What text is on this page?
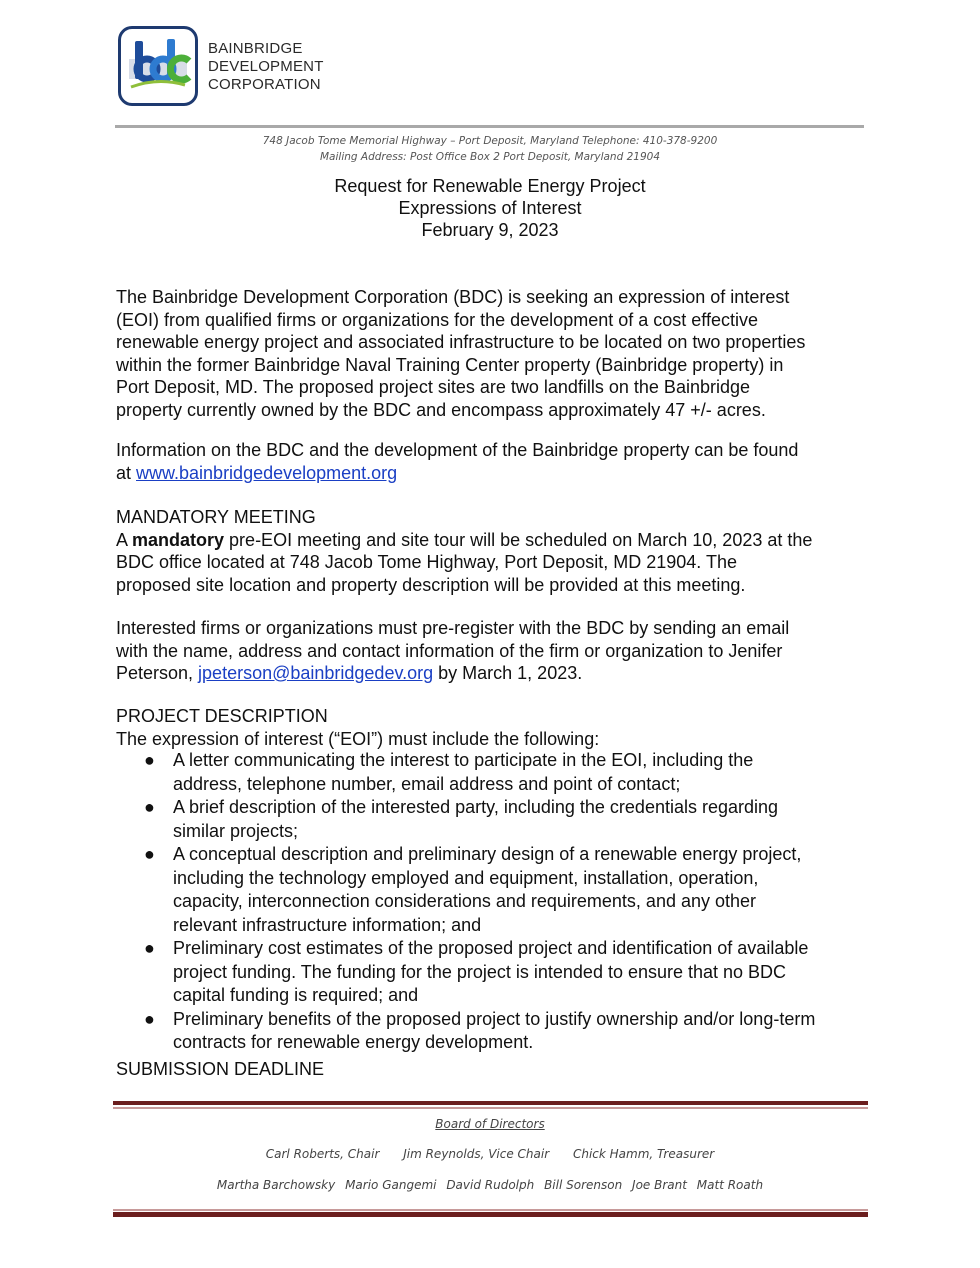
BAINBRIDGE
DEVELOPMENT
CORPORATION
748 Jacob Tome Memorial Highway – Port Deposit, Maryland Telephone: 410-378-9200
Mailing Address: Post Office Box 2 Port Deposit, Maryland 21904
Request for Renewable Energy Project
Expressions of Interest
February 9, 2023
The Bainbridge Development Corporation (BDC) is seeking an expression of interest
(EOI) from qualified firms or organizations for the development of a cost effective
renewable energy project and associated infrastructure to be located on two properties
within the former Bainbridge Naval Training Center property (Bainbridge property) in
Port Deposit, MD. The proposed project sites are two landfills on the Bainbridge
property currently owned by the BDC and encompass approximately 47 +/- acres.
Information on the BDC and the development of the Bainbridge property can be found
at www.bainbridgedevelopment.org
MANDATORY MEETING
A mandatory pre-EOI meeting and site tour will be scheduled on March 10, 2023 at the
BDC office located at 748 Jacob Tome Highway, Port Deposit, MD 21904. The
proposed site location and property description will be provided at this meeting.
Interested firms or organizations must pre-register with the BDC by sending an email
with the name, address and contact information of the firm or organization to Jenifer
Peterson, jpeterson@bainbridgedev.org by March 1, 2023.
PROJECT DESCRIPTION
The expression of interest (“EOI”) must include the following:
● A letter communicating the interest to participate in the EOI, including the
address, telephone number, email address and point of contact;
● A brief description of the interested party, including the credentials regarding
similar projects;
● A conceptual description and preliminary design of a renewable energy project,
including the technology employed and equipment, installation, operation,
capacity, interconnection considerations and requirements, and any other
relevant infrastructure information; and
● Preliminary cost estimates of the proposed project and identification of available
project funding. The funding for the project is intended to ensure that no BDC
capital funding is required; and
● Preliminary benefits of the proposed project to justify ownership and/or long-term
contracts for renewable energy development.
SUBMISSION DEADLINE
Board of Directors
Carl Roberts, Chair Jim Reynolds, Vice Chair Chick Hamm, Treasurer
Martha Barchowsky Mario Gangemi David Rudolph Bill Sorenson Joe Brant Matt Roath
